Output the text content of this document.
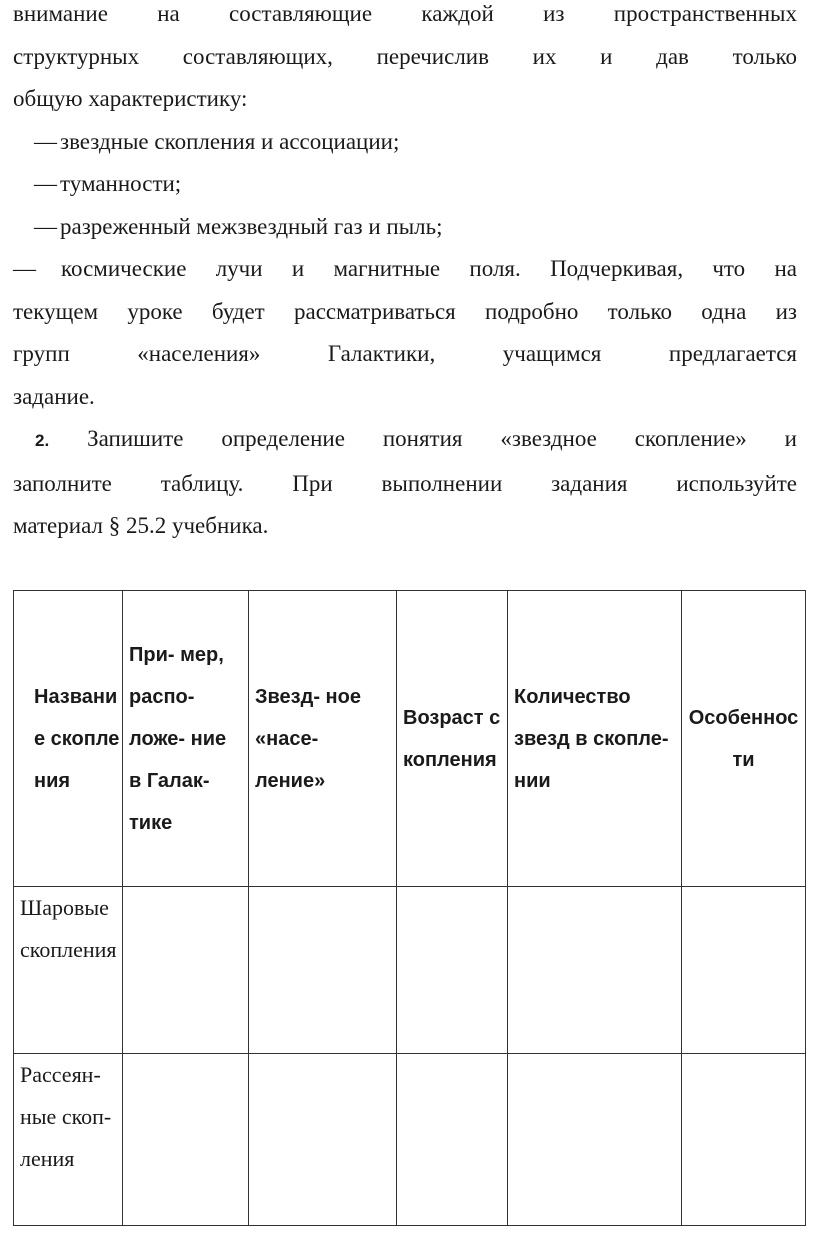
внимание на составляющие каждой из пространственных

структурных составляющих, перечислив их и дав только

общую характеристику:

— звездные скопления и ассоциации;

— туманности;

— разреженный межзвездный газ и пыль;

—	космические лучи и магнитные поля. Подчеркивая, что на

текущем уроке будет рассматриваться подробно только одна из

групп «населения» Галактики, учащимся предлагается

задание.

2. Запишите определение понятия «звездное скопление» и

заполните таблицу. При выполнении задания используйте

материал § 25.2 учебника.

Название скопления	При- мер, распо- ложе- ние в Галак- тике	Звезд- ное «насе- ление»	Возраст скопления	Количество звезд в скопле- нии	Особенности
Шаровые скопления					
Рассеян- ные скоп- ления					
